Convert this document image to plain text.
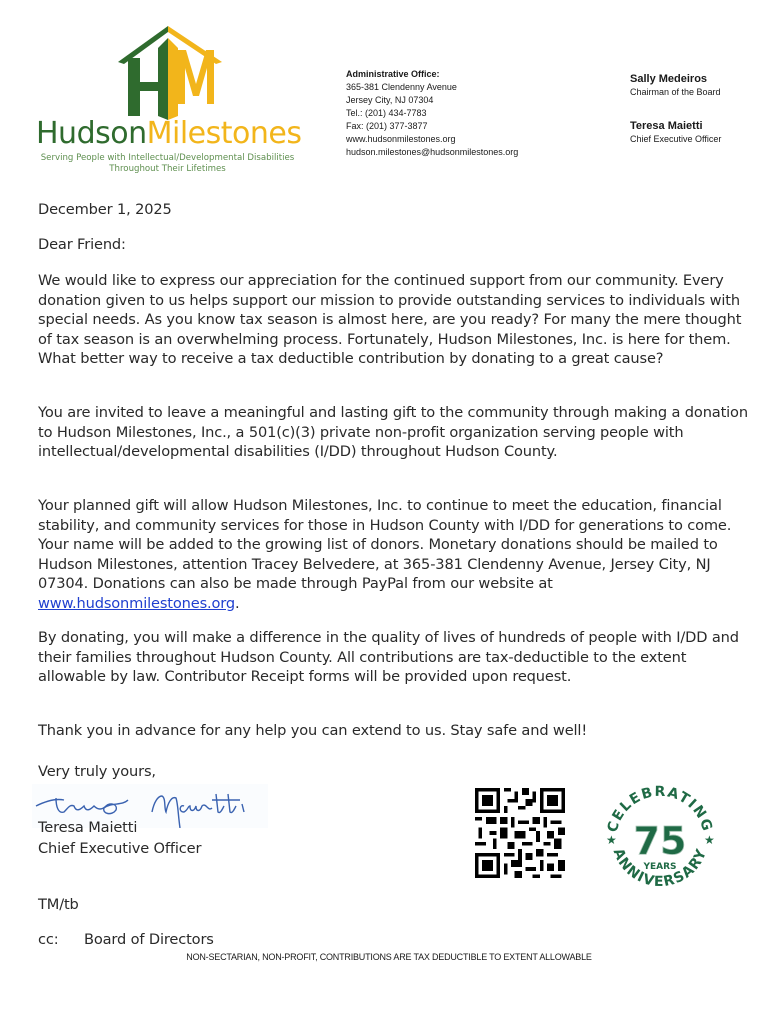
HudsonMilestones
Serving People with Intellectual/Developmental Disabilities
Throughout Their Lifetimes
Administrative Office:
365-381 Clendenny Avenue
Jersey City, NJ 07304
Tel.: (201) 434-7783
Fax: (201) 377-3877
www.hudsonmilestones.org
hudson.milestones@hudsonmilestones.org
Sally Medeiros
Chairman of the Board
Teresa Maietti
Chief Executive Officer
December 1, 2025
Dear Friend:

We would like to express our appreciation for the continued support from our community. Every donation given to us helps support our mission to provide outstanding services to individuals with special needs. As you know tax season is almost here, are you ready? For many the mere thought of tax season is an overwhelming process. Fortunately, Hudson Milestones, Inc. is here for them. What better way to receive a tax deductible contribution by donating to a great cause?

You are invited to leave a meaningful and lasting gift to the community through making a donation to Hudson Milestones, Inc., a 501(c)(3) private non-profit organization serving people with intellectual/developmental disabilities (I/DD) throughout Hudson County.

Your planned gift will allow Hudson Milestones, Inc. to continue to meet the education, financial stability, and community services for those in Hudson County with I/DD for generations to come. Your name will be added to the growing list of donors. Monetary donations should be mailed to Hudson Milestones, attention Tracey Belvedere, at 365-381 Clendenny Avenue, Jersey City, NJ 07304. Donations can also be made through PayPal from our website at www.hudsonmilestones.org.

By donating, you will make a difference in the quality of lives of hundreds of people with I/DD and their families throughout Hudson County. All contributions are tax-deductible to the extent allowable by law. Contributor Receipt forms will be provided upon request.

Thank you in advance for any help you can extend to us. Stay safe and well!

Very truly yours,
Teresa Maietti
Chief Executive Officer
CELEBRATING
ANNIVERSARY
75
YEARS
★	★
TM/tb
cc: Board of Directors
NON-SECTARIAN, NON-PROFIT, CONTRIBUTIONS ARE TAX DEDUCTIBLE TO EXTENT ALLOWABLE
